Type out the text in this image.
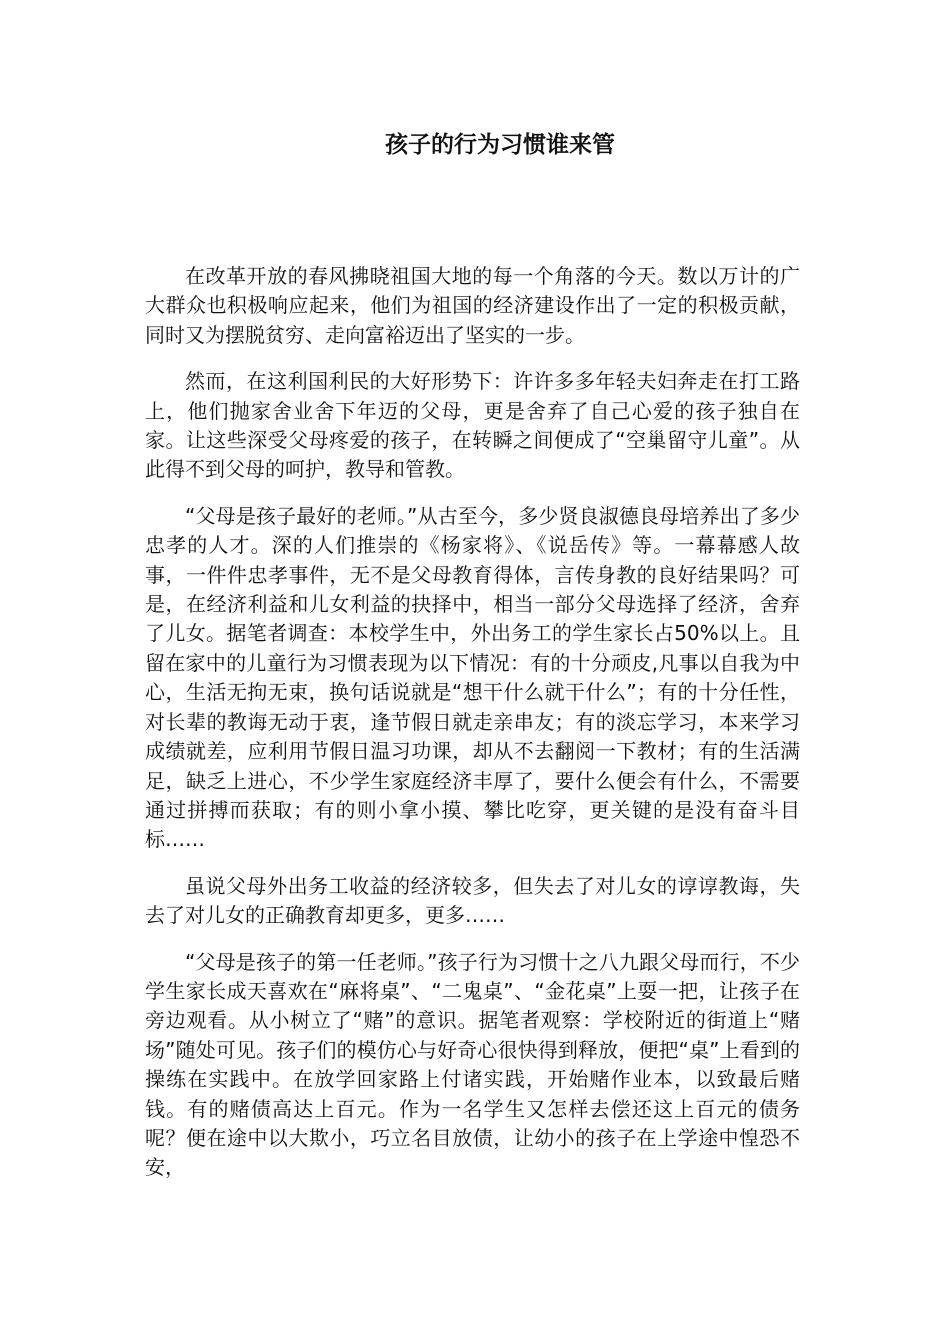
孩子的行为习惯谁来管

在改革开放的春风拂晓祖国大地的每一个角落的今天。数以万计的广大群众也积极响应起来，他们为祖国的经济建设作出了一定的积极贡献，同时又为摆脱贫穷、走向富裕迈出了坚实的一步。

然而，在这利国利民的大好形势下：许许多多年轻夫妇奔走在打工路上，他们抛家舍业舍下年迈的父母，更是舍弃了自己心爱的孩子独自在家。让这些深受父母疼爱的孩子，在转瞬之间便成了“空巢留守儿童”。从此得不到父母的呵护，教导和管教。

“父母是孩子最好的老师。”从古至今，多少贤良淑德良母培养出了多少忠孝的人才。深的人们推崇的《杨家将》、《说岳传》等。一幕幕感人故事，一件件忠孝事件，无不是父母教育得体，言传身教的良好结果吗？可是，在经济利益和儿女利益的抉择中，相当一部分父母选择了经济，舍弃了儿女。据笔者调查：本校学生中，外出务工的学生家长占50%以上。且留在家中的儿童行为习惯表现为以下情况：有的十分顽皮,凡事以自我为中心，生活无拘无束，换句话说就是“想干什么就干什么”；有的十分任性，对长辈的教诲无动于衷，逢节假日就走亲串友；有的淡忘学习，本来学习成绩就差，应利用节假日温习功课，却从不去翻阅一下教材；有的生活满足，缺乏上进心，不少学生家庭经济丰厚了，要什么便会有什么，不需要通过拼搏而获取；有的则小拿小摸、攀比吃穿，更关键的是没有奋斗目标……

虽说父母外出务工收益的经济较多，但失去了对儿女的谆谆教诲，失去了对儿女的正确教育却更多，更多……

“父母是孩子的第一任老师。”孩子行为习惯十之八九跟父母而行，不少学生家长成天喜欢在“麻将桌”、“二鬼桌”、“金花桌”上耍一把，让孩子在旁边观看。从小树立了“赌”的意识。据笔者观察：学校附近的街道上“赌场”随处可见。孩子们的模仿心与好奇心很快得到释放，便把“桌”上看到的操练在实践中。在放学回家路上付诸实践，开始赌作业本，以致最后赌钱。有的赌债高达上百元。作为一名学生又怎样去偿还这上百元的债务呢？便在途中以大欺小，巧立名目放债，让幼小的孩子在上学途中惶恐不安，
